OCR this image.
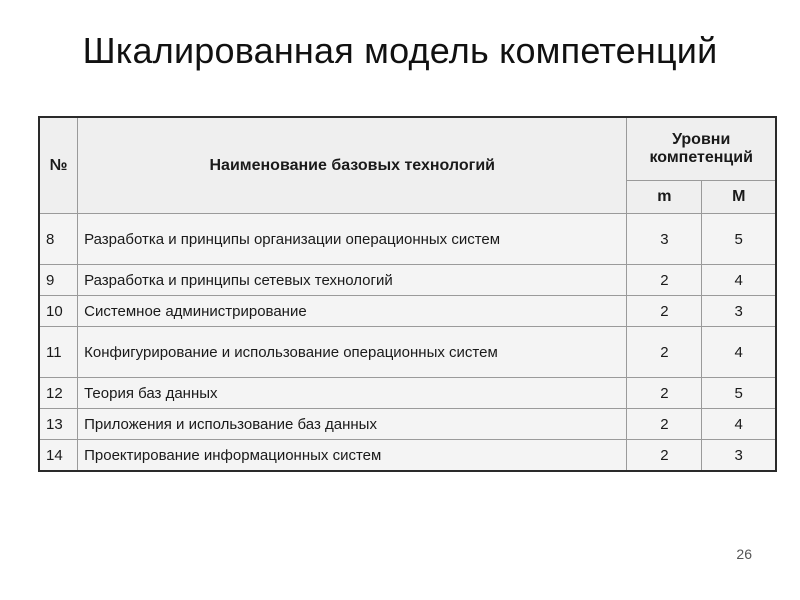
Шкалированная модель компетенций
№	Наименование базовых технологий	Уровни компетенций	
		m	M
8	Разработка и принципы организации операционных систем	3	5
9	Разработка и принципы сетевых технологий	2	4
10	Системное администрирование	2	3
11	Конфигурирование и использование операционных систем	2	4
12	Теория баз данных	2	5
13	Приложения и использование баз данных	2	4
14	Проектирование информационных систем	2	3
26
